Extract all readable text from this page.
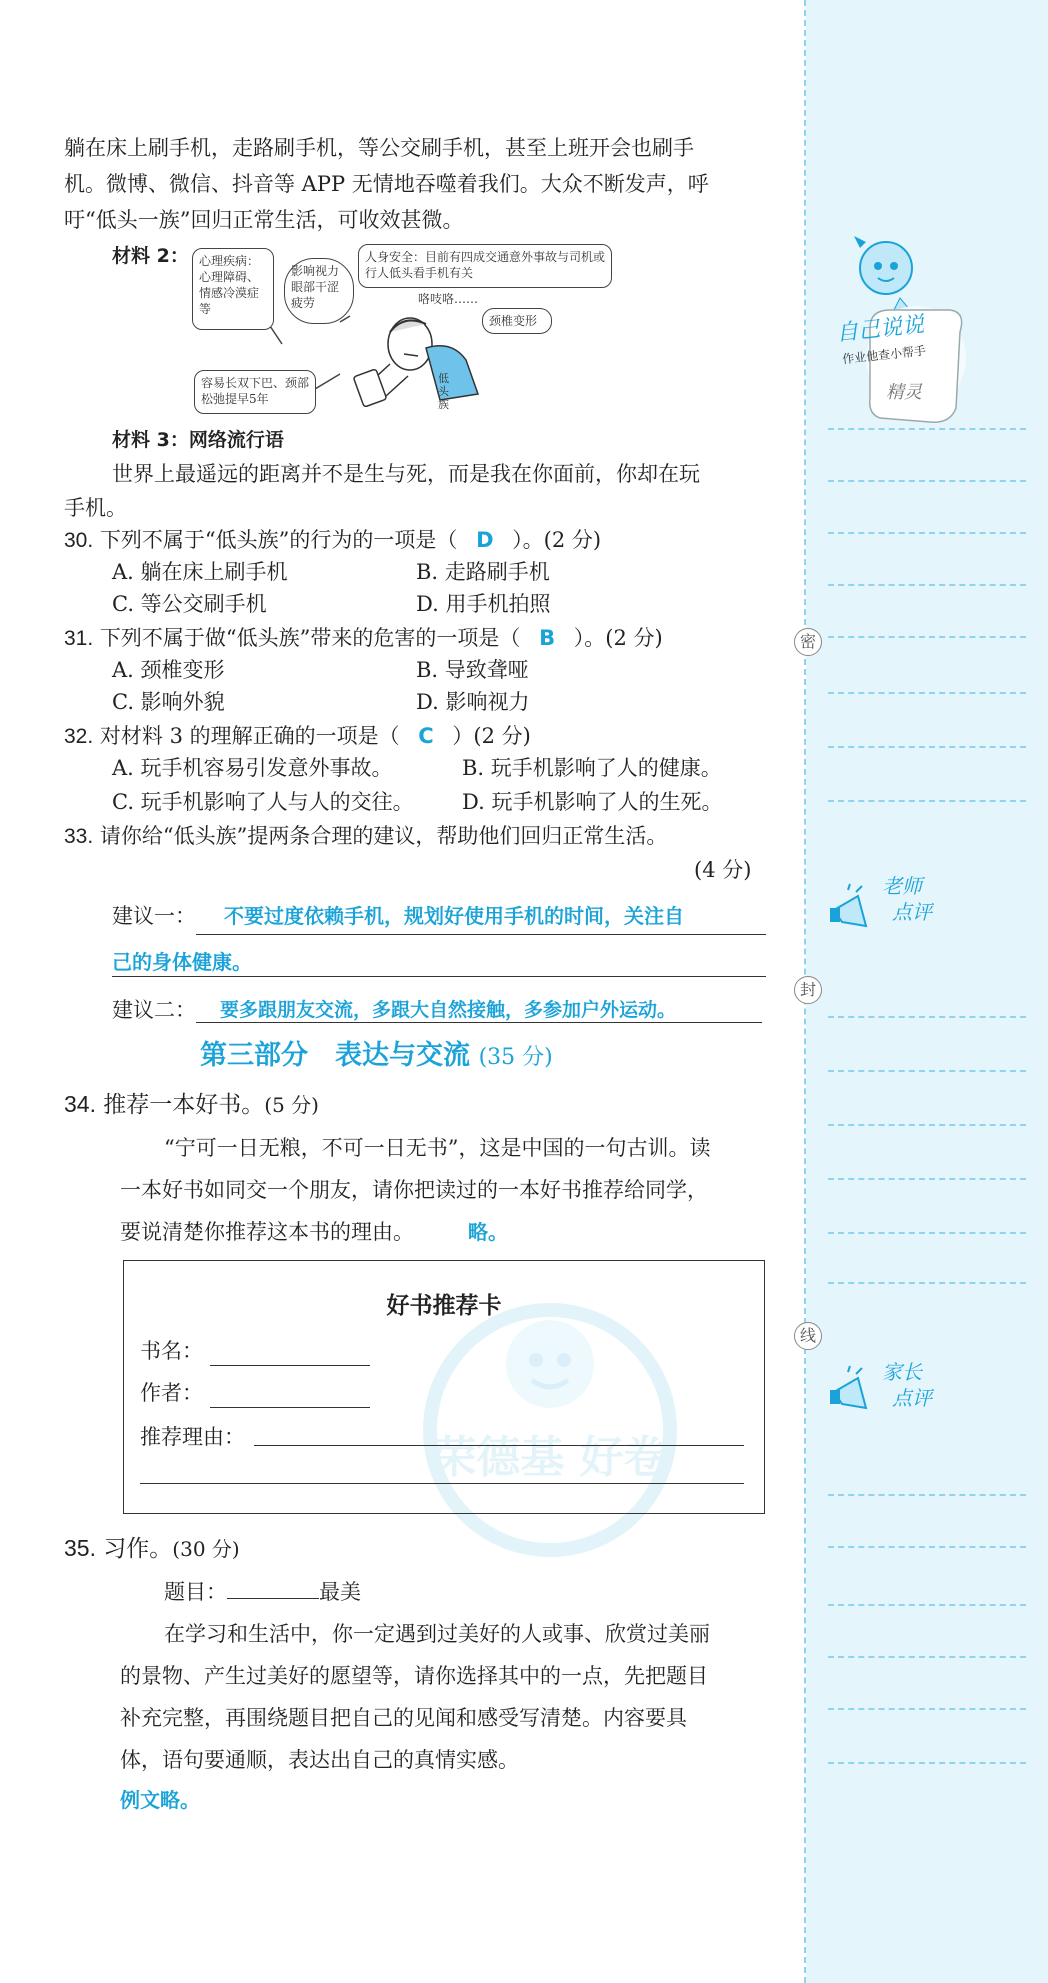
密
封
线
自己说说
作业他查小帮手
精灵
老师
点评
家长
点评
躺在床上刷手机，走路刷手机，等公交刷手机，甚至上班开会也刷手
机。微博、微信、抖音等 APP 无情地吞噬着我们。大众不断发声，呼
吁“低头一族”回归正常生活，可收效甚微。
材料 2： 心理疾病：心理障碍、情感冷漠症等
影响视力眼部干涩疲劳
人身安全：目前有四成交通意外事故与司机或行人低头看手机有关
咯吱咯……
颈椎变形
容易长双下巴、颈部松弛提早5年
低头族
材料 3：网络流行语
世界上最遥远的距离并不是生与死，而是我在你面前，你却在玩
手机。
30. 下列不属于“低头族”的行为的一项是（ D ）。(2 分)
A. 躺在床上刷手机	B. 走路刷手机
C. 等公交刷手机	D. 用手机拍照
31. 下列不属于做“低头族”带来的危害的一项是（ B ）。(2 分)
A. 颈椎变形	B. 导致聋哑
C. 影响外貌	D. 影响视力
32. 对材料 3 的理解正确的一项是（ C ）(2 分)
A. 玩手机容易引发意外事故。	B. 玩手机影响了人的健康。
C. 玩手机影响了人与人的交往。 D. 玩手机影响了人的生死。
33. 请你给“低头族”提两条合理的建议，帮助他们回归正常生活。
(4 分)
建议一： 不要过度依赖手机，规划好使用手机的时间，关注自
己的身体健康。
建议二： 要多跟朋友交流，多跟大自然接触，多参加户外运动。
第三部分　表达与交流 (35 分)
34. 推荐一本好书。(5 分)
“宁可一日无粮，不可一日无书”，这是中国的一句古训。读
一本好书如同交一个朋友，请你把读过的一本好书推荐给同学，
要说清楚你推荐这本书的理由。	略。
荣德基 好卷
好书推荐卡
书名：
作者：
推荐理由：
35. 习作。(30 分)
题目：	最美
在学习和生活中，你一定遇到过美好的人或事、欣赏过美丽
的景物、产生过美好的愿望等，请你选择其中的一点，先把题目
补充完整，再围绕题目把自己的见闻和感受写清楚。内容要具
体，语句要通顺，表达出自己的真情实感。
例文略。
